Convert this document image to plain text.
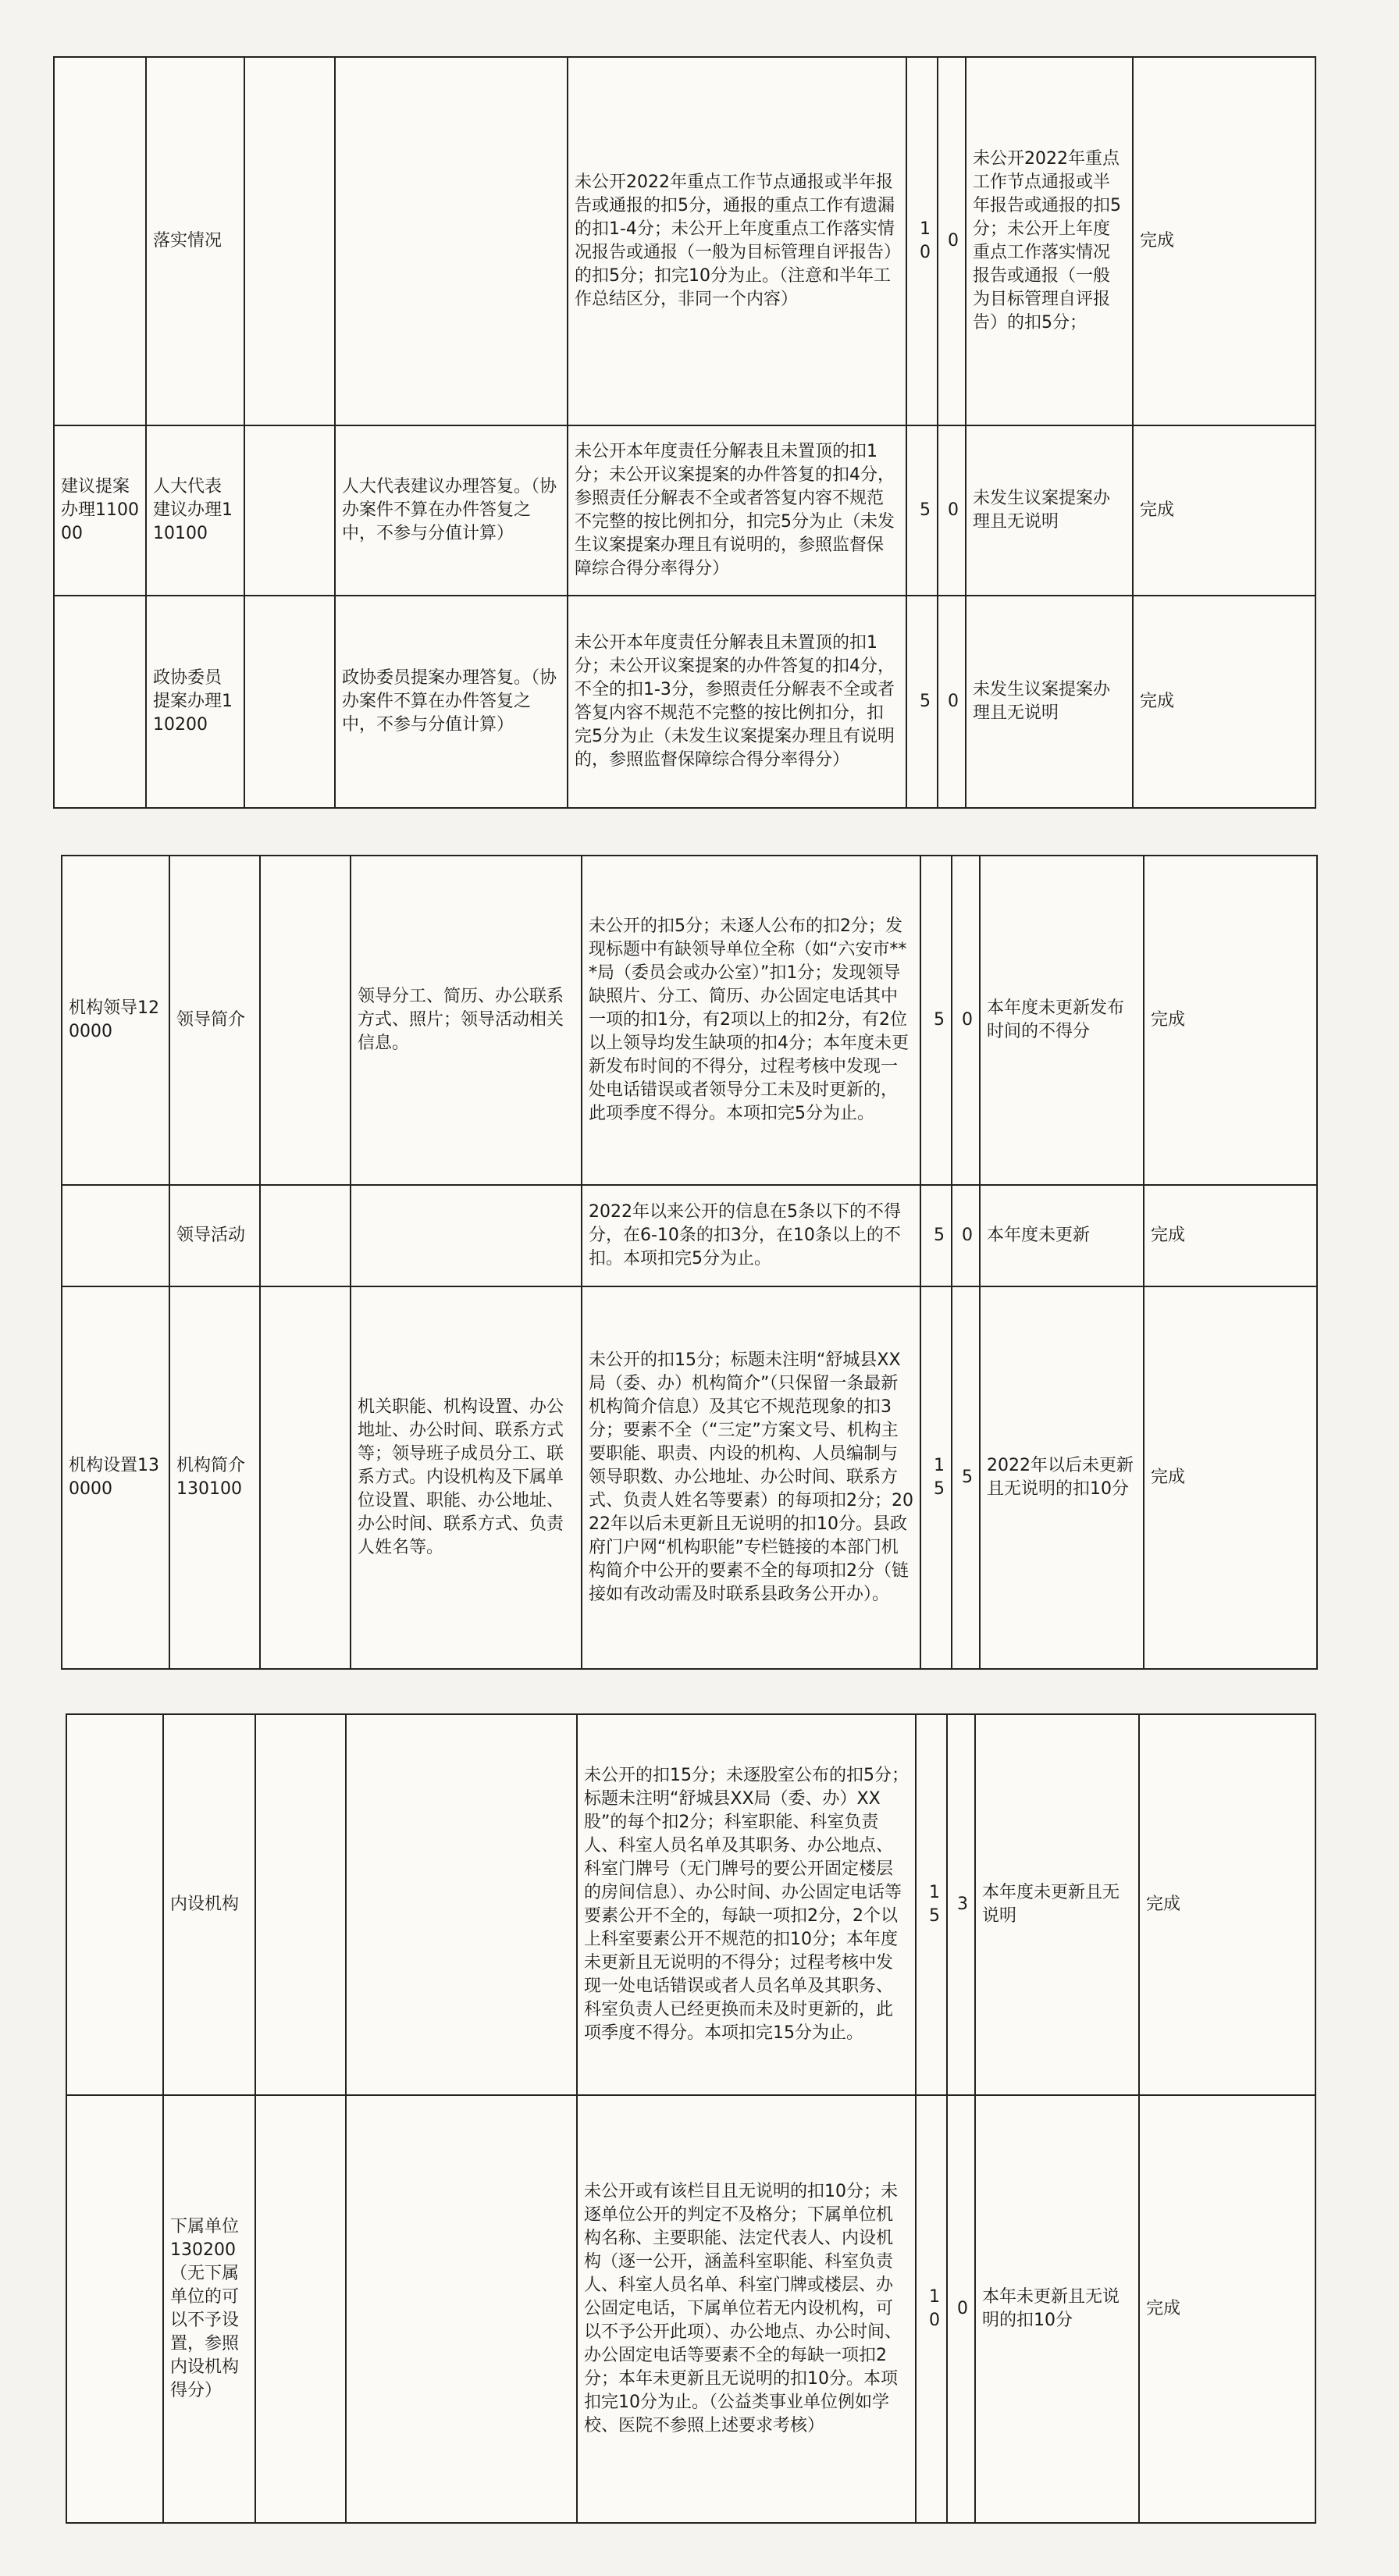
	落实情况			未公开2022年重点工作节点通报或半年报告或通报的扣5分，通报的重点工作有遗漏的扣1-4分；未公开上年度重点工作落实情况报告或通报（一般为目标管理自评报告）的扣5分；扣完10分为止。（注意和半年工作总结区分，非同一个内容）	10	0	未公开2022年重点工作节点通报或半年报告或通报的扣5分；未公开上年度重点工作落实情况报告或通报（一般为目标管理自评报告）的扣5分；	完成
建议提案办理110000	人大代表建议办理110100		人大代表建议办理答复。（协办案件不算在办件答复之中，不参与分值计算）	未公开本年度责任分解表且未置顶的扣1分；未公开议案提案的办件答复的扣4分，参照责任分解表不全或者答复内容不规范不完整的按比例扣分，扣完5分为止（未发生议案提案办理且有说明的，参照监督保障综合得分率得分）	5	0	未发生议案提案办理且无说明	完成
	政协委员提案办理110200		政协委员提案办理答复。（协办案件不算在办件答复之中，不参与分值计算）	未公开本年度责任分解表且未置顶的扣1分；未公开议案提案的办件答复的扣4分，不全的扣1-3分，参照责任分解表不全或者答复内容不规范不完整的按比例扣分，扣完5分为止（未发生议案提案办理且有说明的，参照监督保障综合得分率得分）	5	0	未发生议案提案办理且无说明	完成
机构领导120000	领导简介		领导分工、简历、办公联系方式、照片；领导活动相关信息。	未公开的扣5分；未逐人公布的扣2分；发现标题中有缺领导单位全称（如“六安市***局（委员会或办公室）”扣1分；发现领导缺照片、分工、简历、办公固定电话其中一项的扣1分，有2项以上的扣2分，有2位以上领导均发生缺项的扣4分；本年度未更新发布时间的不得分，过程考核中发现一处电话错误或者领导分工未及时更新的，此项季度不得分。本项扣完5分为止。	5	0	本年度未更新发布时间的不得分	完成
	领导活动			2022年以来公开的信息在5条以下的不得分，在6-10条的扣3分，在10条以上的不扣。本项扣完5分为止。	5	0	本年度未更新	完成
机构设置130000	机构简介130100		机关职能、机构设置、办公地址、办公时间、联系方式等；领导班子成员分工、联系方式。内设机构及下属单位设置、职能、办公地址、办公时间、联系方式、负责人姓名等。	未公开的扣15分；标题未注明“舒城县XX局（委、办）机构简介”（只保留一条最新机构简介信息）及其它不规范现象的扣3分；要素不全（“三定”方案文号、机构主要职能、职责、内设的机构、人员编制与领导职数、办公地址、办公时间、联系方式、负责人姓名等要素）的每项扣2分；2022年以后未更新且无说明的扣10分。县政府门户网“机构职能”专栏链接的本部门机构简介中公开的要素不全的每项扣2分（链接如有改动需及时联系县政务公开办）。	15	5	2022年以后未更新且无说明的扣10分	完成
	内设机构			未公开的扣15分；未逐股室公布的扣5分；标题未注明“舒城县XX局（委、办）XX股”的每个扣2分；科室职能、科室负责人、科室人员名单及其职务、办公地点、科室门牌号（无门牌号的要公开固定楼层的房间信息）、办公时间、办公固定电话等要素公开不全的，每缺一项扣2分，2个以上科室要素公开不规范的扣10分；本年度未更新且无说明的不得分；过程考核中发现一处电话错误或者人员名单及其职务、科室负责人已经更换而未及时更新的，此项季度不得分。本项扣完15分为止。	15	3	本年度未更新且无说明	完成
	下属单位130200（无下属单位的可以不予设置，参照内设机构得分）			未公开或有该栏目且无说明的扣10分；未逐单位公开的判定不及格分；下属单位机构名称、主要职能、法定代表人、内设机构（逐一公开，涵盖科室职能、科室负责人、科室人员名单、科室门牌或楼层、办公固定电话，下属单位若无内设机构，可以不予公开此项）、办公地点、办公时间、办公固定电话等要素不全的每缺一项扣2分；本年未更新且无说明的扣10分。本项扣完10分为止。（公益类事业单位例如学校、医院不参照上述要求考核）	10	0	本年未更新且无说明的扣10分	完成
